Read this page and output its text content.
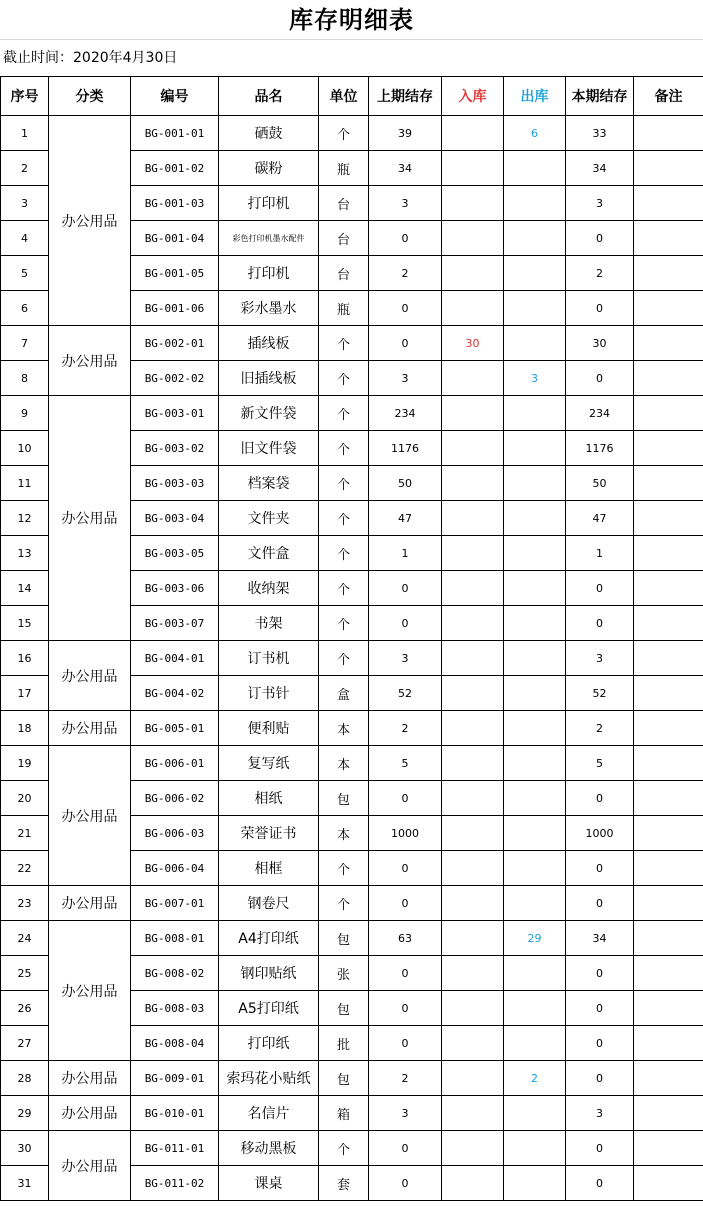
库存明细表
截止时间：2020年4月30日
序号	分类	编号	品名	单位	上期结存	入库	出库	本期结存	备注
1	办公用品	BG-001-01	硒鼓	个	39		6	33	
2		BG-001-02	碳粉	瓶	34			34	
3		BG-001-03	打印机	台	3			3	
4		BG-001-04	彩色打印机墨水配件	台	0			0	
5		BG-001-05	打印机	台	2			2	
6		BG-001-06	彩水墨水	瓶	0			0	
7	办公用品	BG-002-01	插线板	个	0	30		30	
8		BG-002-02	旧插线板	个	3		3	0	
9	办公用品	BG-003-01	新文件袋	个	234			234	
10		BG-003-02	旧文件袋	个	1176			1176	
11		BG-003-03	档案袋	个	50			50	
12		BG-003-04	文件夹	个	47			47	
13		BG-003-05	文件盒	个	1			1	
14		BG-003-06	收纳架	个	0			0	
15		BG-003-07	书架	个	0			0	
16	办公用品	BG-004-01	订书机	个	3			3	
17		BG-004-02	订书针	盒	52			52	
18	办公用品	BG-005-01	便利贴	本	2			2	
19	办公用品	BG-006-01	复写纸	本	5			5	
20		BG-006-02	相纸	包	0			0	
21		BG-006-03	荣誉证书	本	1000			1000	
22		BG-006-04	相框	个	0			0	
23	办公用品	BG-007-01	钢卷尺	个	0			0	
24	办公用品	BG-008-01	A4打印纸	包	63		29	34	
25		BG-008-02	钢印贴纸	张	0			0	
26		BG-008-03	A5打印纸	包	0			0	
27		BG-008-04	打印纸	批	0			0	
28	办公用品	BG-009-01	索玛花小贴纸	包	2		2	0	
29	办公用品	BG-010-01	名信片	箱	3			3	
30	办公用品	BG-011-01	移动黑板	个	0			0	
31		BG-011-02	课桌	套	0			0	
